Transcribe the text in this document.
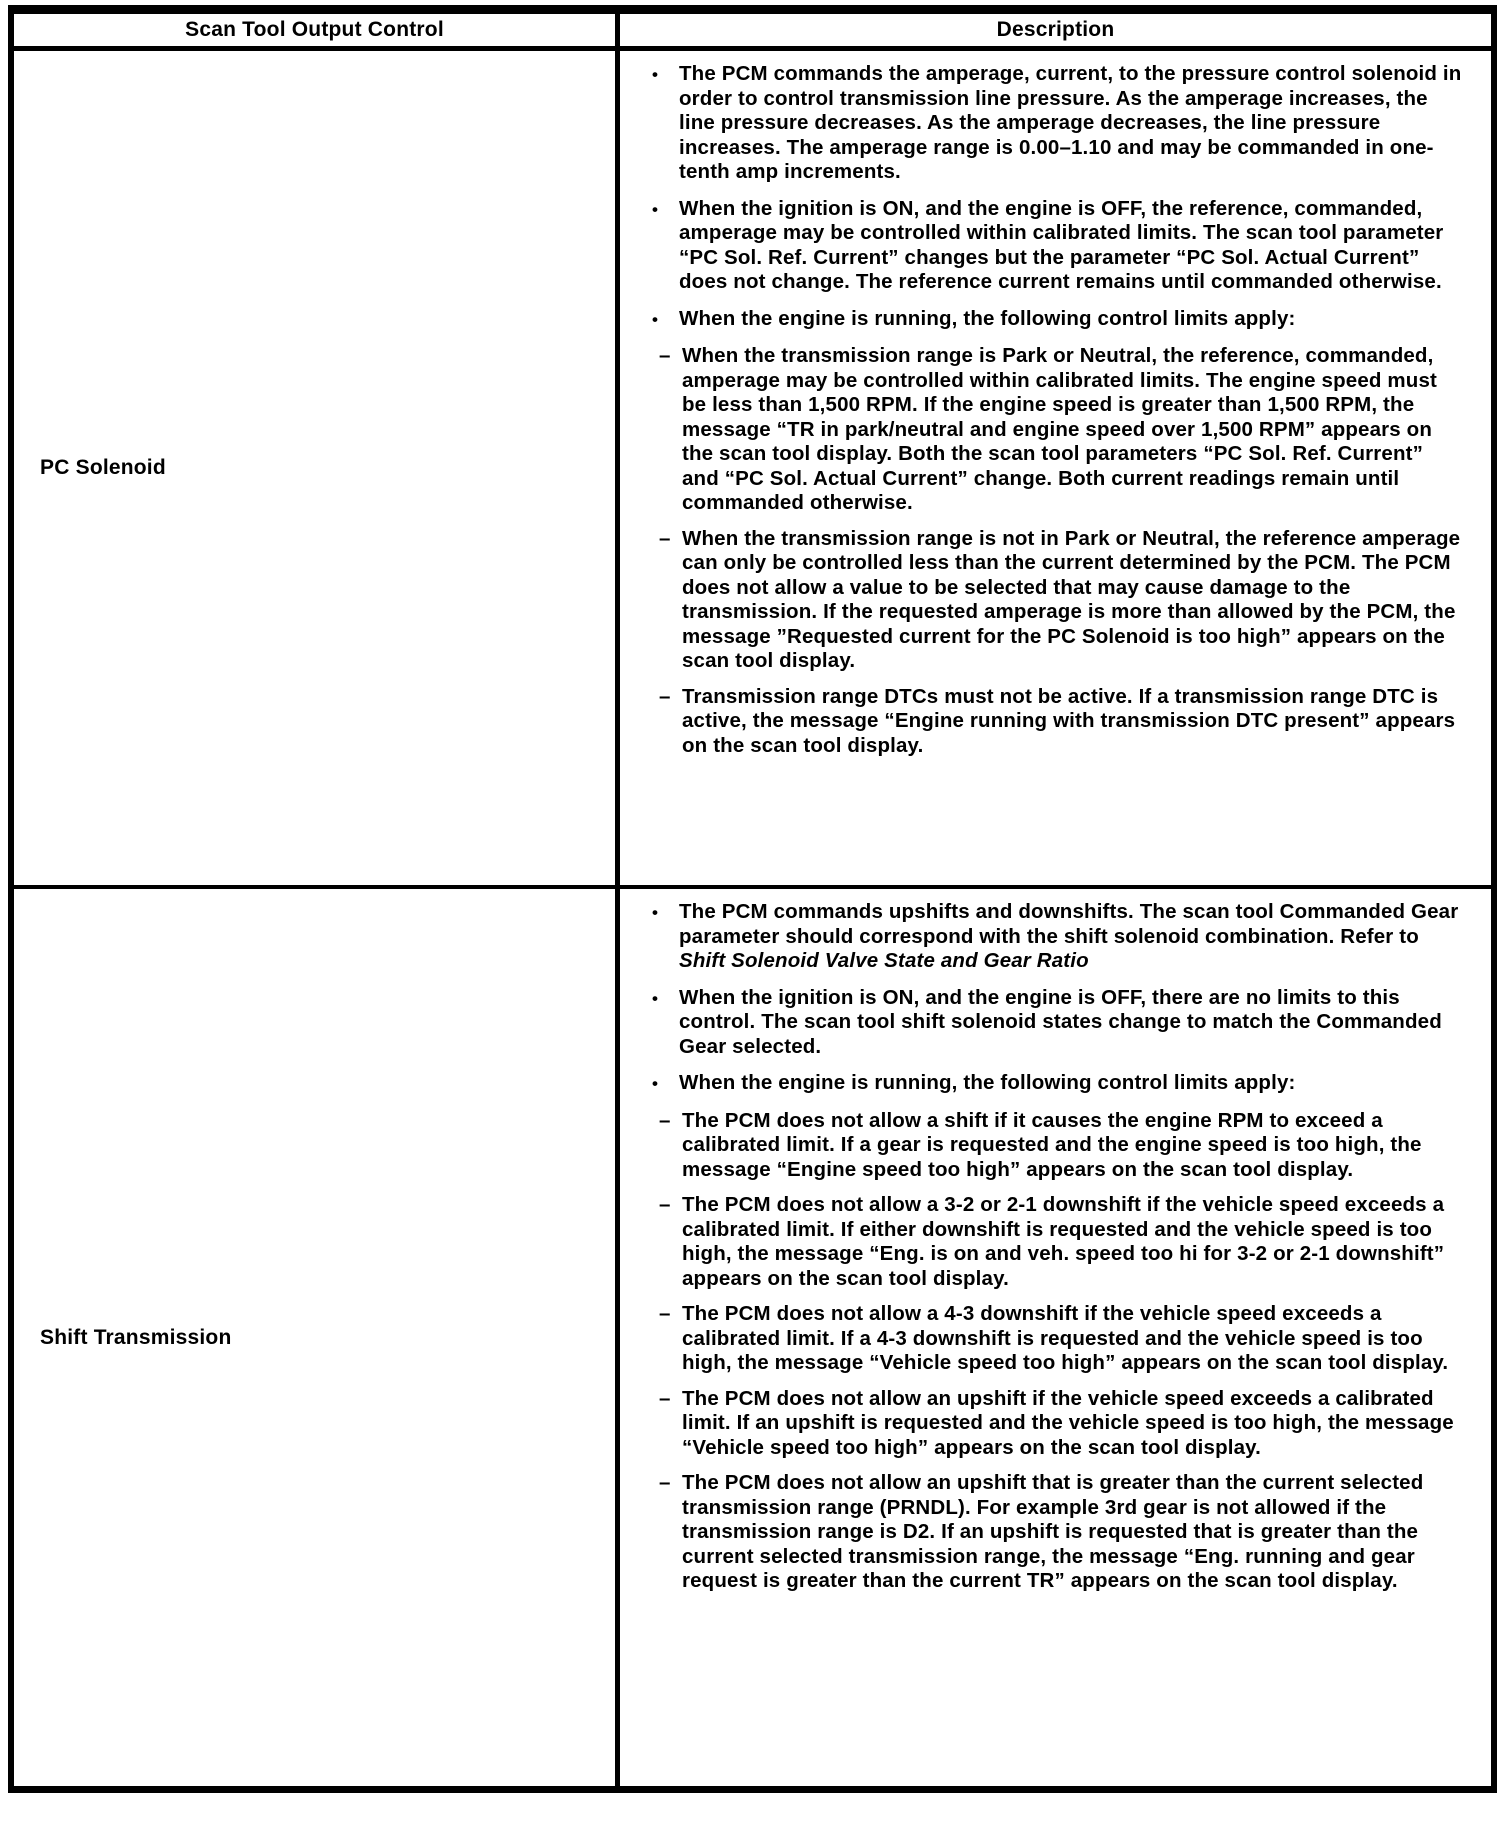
Scan Tool Output Control	Description
PC Solenoid
•	The PCM commands the amperage, current, to the pressure control solenoid in order to control transmission line pressure. As the amperage increases, the line pressure decreases. As the amperage decreases, the line pressure increases. The amperage range is 0.00–1.10 and may be commanded in one-tenth amp increments.
•	When the ignition is ON, and the engine is OFF, the reference, commanded, amperage may be controlled within calibrated limits. The scan tool parameter “PC Sol. Ref. Current” changes but the parameter “PC Sol. Actual Current” does not change. The reference current remains until commanded otherwise.
•	When the engine is running, the following control limits apply:
– When the transmission range is Park or Neutral, the reference, commanded, amperage may be controlled within calibrated limits. The engine speed must be less than 1,500 RPM. If the engine speed is greater than 1,500 RPM, the message “TR in park/neutral and engine speed over 1,500 RPM” appears on the scan tool display. Both the scan tool parameters “PC Sol. Ref. Current” and “PC Sol. Actual Current” change. Both current readings remain until commanded otherwise.
– When the transmission range is not in Park or Neutral, the reference amperage can only be controlled less than the current determined by the PCM. The PCM does not allow a value to be selected that may cause damage to the transmission. If the requested amperage is more than allowed by the PCM, the message ”Requested current for the PC Solenoid is too high” appears on the scan tool display.
– Transmission range DTCs must not be active. If a transmission range DTC is active, the message “Engine running with transmission DTC present” appears on the scan tool display.
Shift Transmission
•	The PCM commands upshifts and downshifts. The scan tool Commanded Gear parameter should correspond with the shift solenoid combination. Refer to Shift Solenoid Valve State and Gear Ratio
•	When the ignition is ON, and the engine is OFF, there are no limits to this control. The scan tool shift solenoid states change to match the Commanded Gear selected.
•	When the engine is running, the following control limits apply:
– The PCM does not allow a shift if it causes the engine RPM to exceed a calibrated limit. If a gear is requested and the engine speed is too high, the message “Engine speed too high” appears on the scan tool display.
– The PCM does not allow a 3-2 or 2-1 downshift if the vehicle speed exceeds a calibrated limit. If either downshift is requested and the vehicle speed is too high, the message “Eng. is on and veh. speed too hi for 3-2 or 2-1 downshift” appears on the scan tool display.
– The PCM does not allow a 4-3 downshift if the vehicle speed exceeds a calibrated limit. If a 4-3 downshift is requested and the vehicle speed is too high, the message “Vehicle speed too high” appears on the scan tool display.
– The PCM does not allow an upshift if the vehicle speed exceeds a calibrated limit. If an upshift is requested and the vehicle speed is too high, the message “Vehicle speed too high” appears on the scan tool display.
– The PCM does not allow an upshift that is greater than the current selected transmission range (PRNDL). For example 3rd gear is not allowed if the transmission range is D2. If an upshift is requested that is greater than the current selected transmission range, the message “Eng. running and gear request is greater than the current TR” appears on the scan tool display.
